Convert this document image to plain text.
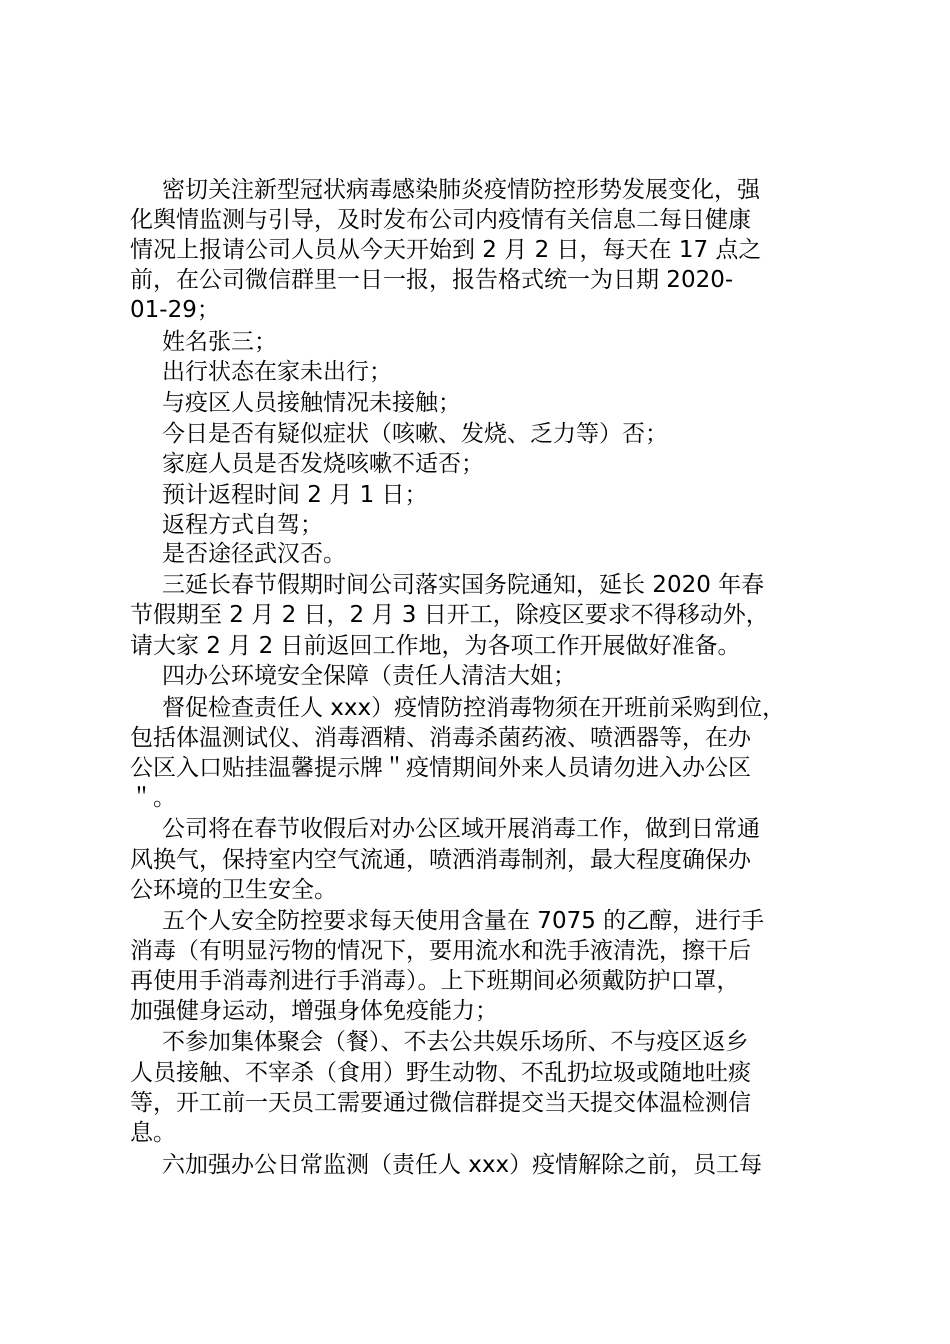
密切关注新型冠状病毒感染肺炎疫情防控形势发展变化，强
化舆情监测与引导，及时发布公司内疫情有关信息二每日健康
情况上报请公司人员从今天开始到 2 月 2 日，每天在 17 点之
前，在公司微信群里一日一报，报告格式统一为日期 2020-
01-29；
姓名张三；
出行状态在家未出行；
与疫区人员接触情况未接触；
今日是否有疑似症状（咳嗽、发烧、乏力等）否；
家庭人员是否发烧咳嗽不适否；
预计返程时间 2 月 1 日；
返程方式自驾；
是否途径武汉否。
三延长春节假期时间公司落实国务院通知，延长 2020 年春
节假期至 2 月 2 日，2 月 3 日开工，除疫区要求不得移动外，
请大家 2 月 2 日前返回工作地，为各项工作开展做好准备。
四办公环境安全保障（责任人清洁大姐；
督促检查责任人 xxx）疫情防控消毒物须在开班前采购到位，
包括体温测试仪、消毒酒精、消毒杀菌药液、喷洒器等，在办
公区入口贴挂温馨提示牌＂疫情期间外来人员请勿进入办公区
＂。
公司将在春节收假后对办公区域开展消毒工作，做到日常通
风换气，保持室内空气流通，喷洒消毒制剂，最大程度确保办
公环境的卫生安全。
五个人安全防控要求每天使用含量在 7075 的乙醇，进行手
消毒（有明显污物的情况下，要用流水和洗手液清洗，擦干后
再使用手消毒剂进行手消毒）。上下班期间必须戴防护口罩，
加强健身运动，增强身体免疫能力；
不参加集体聚会（餐）、不去公共娱乐场所、不与疫区返乡
人员接触、不宰杀（食用）野生动物、不乱扔垃圾或随地吐痰
等，开工前一天员工需要通过微信群提交当天提交体温检测信
息。
六加强办公日常监测（责任人 xxx）疫情解除之前，员工每
